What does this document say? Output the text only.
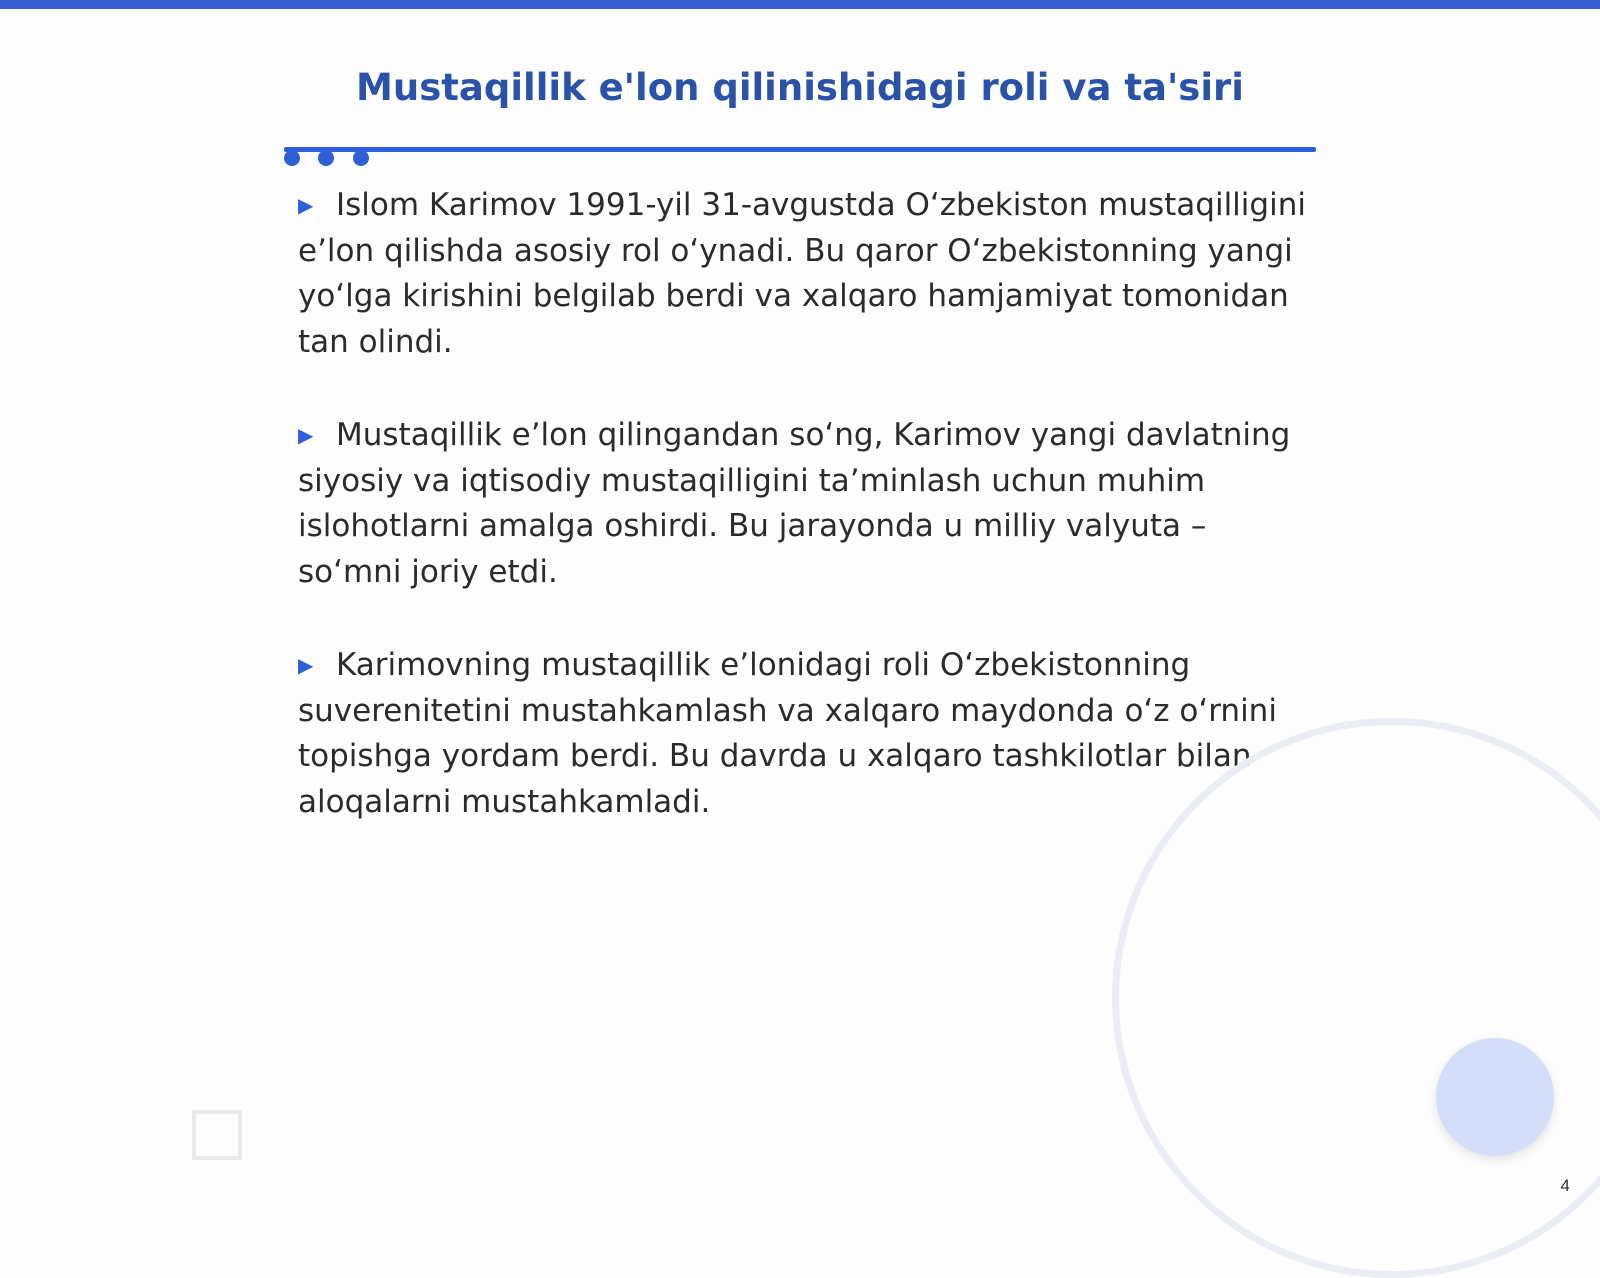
Mustaqillik e'lon qilinishidagi roli va ta'siri

▶ Islom Karimov 1991-yil 31-avgustda O‘zbekiston mustaqilligini e’lon qilishda asosiy rol o‘ynadi. Bu qaror O‘zbekistonning yangi yo‘lga kirishini belgilab berdi va xalqaro hamjamiyat tomonidan tan olindi.

▶ Mustaqillik e’lon qilingandan so‘ng, Karimov yangi davlatning siyosiy va iqtisodiy mustaqilligini ta’minlash uchun muhim islohotlarni amalga oshirdi. Bu jarayonda u milliy valyuta – so‘mni joriy etdi.

▶ Karimovning mustaqillik e’lonidagi roli O‘zbekistonning suverenitetini mustahkamlash va xalqaro maydonda o‘z o‘rnini topishga yordam berdi. Bu davrda u xalqaro tashkilotlar bilan aloqalarni mustahkamladi.

4
